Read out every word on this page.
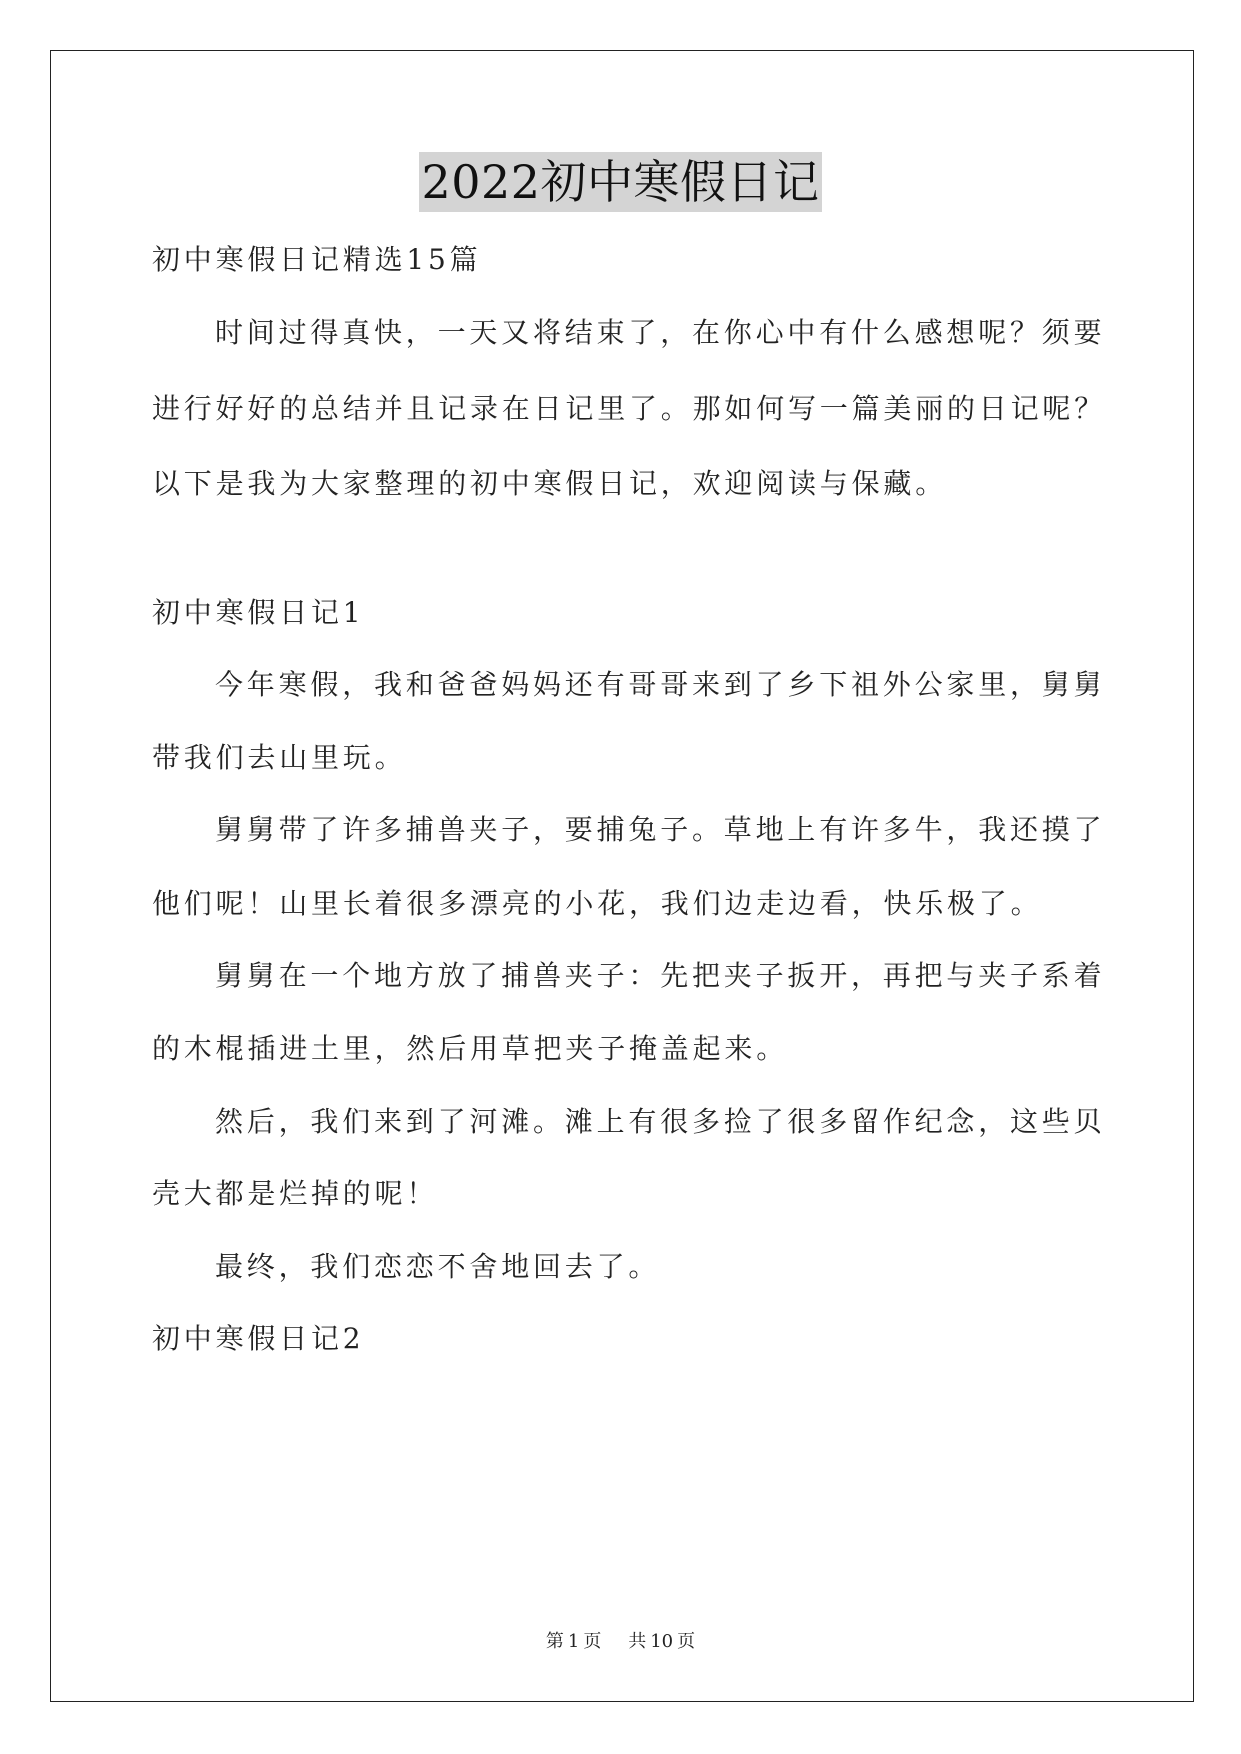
2022初中寒假日记
初中寒假日记精选15篇
时间过得真快，一天又将结束了，在你心中有什么感想呢？须要
进行好好的总结并且记录在日记里了。那如何写一篇美丽的日记呢？
以下是我为大家整理的初中寒假日记，欢迎阅读与保藏。
初中寒假日记1
今年寒假，我和爸爸妈妈还有哥哥来到了乡下祖外公家里，舅舅
带我们去山里玩。
舅舅带了许多捕兽夹子，要捕兔子。草地上有许多牛，我还摸了
他们呢！山里长着很多漂亮的小花，我们边走边看，快乐极了。
舅舅在一个地方放了捕兽夹子：先把夹子扳开，再把与夹子系着
的木棍插进土里，然后用草把夹子掩盖起来。
然后，我们来到了河滩。滩上有很多捡了很多留作纪念，这些贝
壳大都是烂掉的呢！
最终，我们恋恋不舍地回去了。
初中寒假日记2
第 1 页 共 10 页
